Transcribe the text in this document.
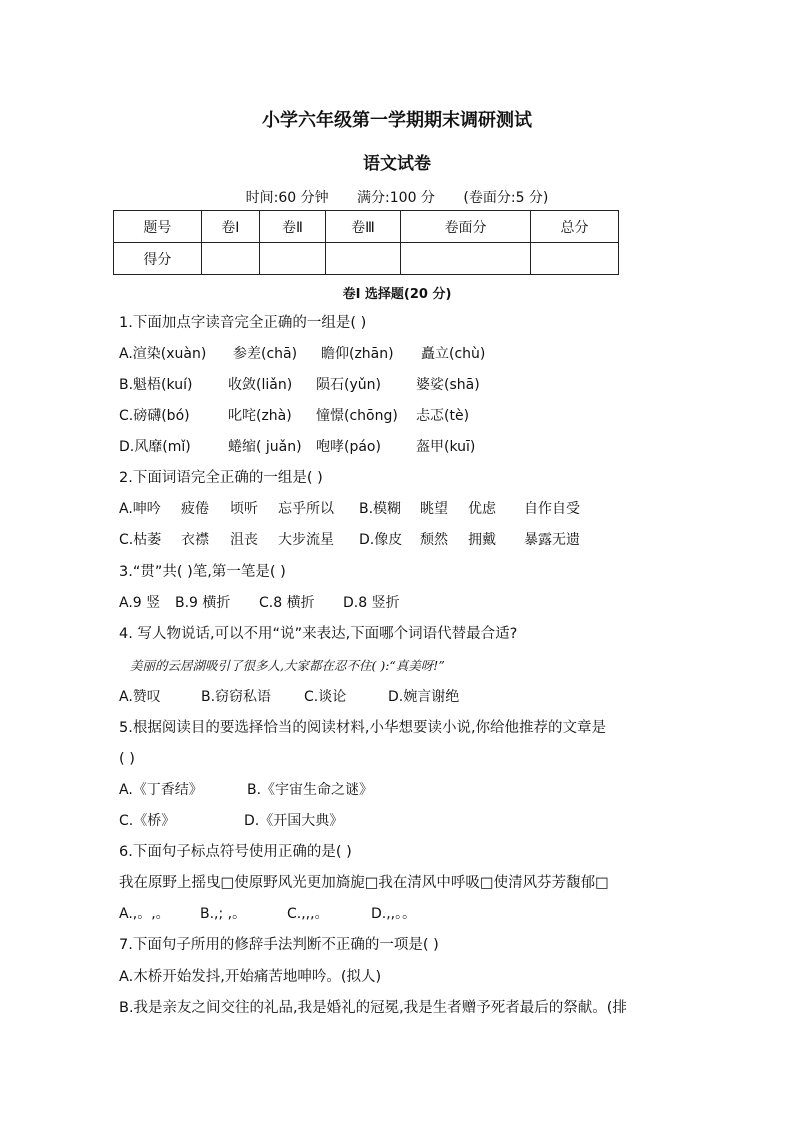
小学六年级第一学期期末调研测试
语文试卷
时间:60 分钟 满分:100 分 (卷面分:5 分)
题号	卷Ⅰ	卷Ⅱ	卷Ⅲ	卷面分	总分
得分					
卷Ⅰ 选择题(20 分)
1.下面加点字读音完全正确的一组是( )
A.渲染(xuàn) 参差(chā) 瞻仰(zhān) 矗立(chù)
B.魁梧(kuí)	收敛(liǎn) 陨石(yǔn)	婆娑(shā)
C.磅礴(bó)	叱咤(zhà) 憧憬(chōng) 忐忑(tè)
D.风靡(mǐ)	蜷缩( juǎn) 咆哮(páo)	盔甲(kuī)
2.下面词语完全正确的一组是( )
A.呻吟 疲倦 顷听 忘乎所以 B.模糊 眺望 优虑 自作自受
C.枯萎 衣襟 沮丧 大步流星 D.像皮 颓然 拥戴 暴露无遗
3.“贯”共( )笔,第一笔是( )
A.9 竖 B.9 横折 C.8 横折 D.8 竖折
4. 写人物说话,可以不用“说”来表达,下面哪个词语代替最合适?
美丽的云居湖吸引了很多人,大家都在忍不住( ):“真美呀!”
A.赞叹	B.窃窃私语 C.谈论	D.婉言谢绝
5.根据阅读目的要选择恰当的阅读材料,小华想要读小说,你给他推荐的文章是
( )
A.《丁香结》	B.《宇宙生命之谜》
C.《桥》	D.《开国大典》
6.下面句子标点符号使用正确的是( )
我在原野上摇曳□使原野风光更加旖旎□我在清风中呼吸□使清风芬芳馥郁□
A.,。,。 B.,; ,。	C.,,,。	D.,,。。
7.下面句子所用的修辞手法判断不正确的一项是( )
A.木桥开始发抖,开始痛苦地呻吟。(拟人)
B.我是亲友之间交往的礼品,我是婚礼的冠冕,我是生者赠予死者最后的祭献。(排
